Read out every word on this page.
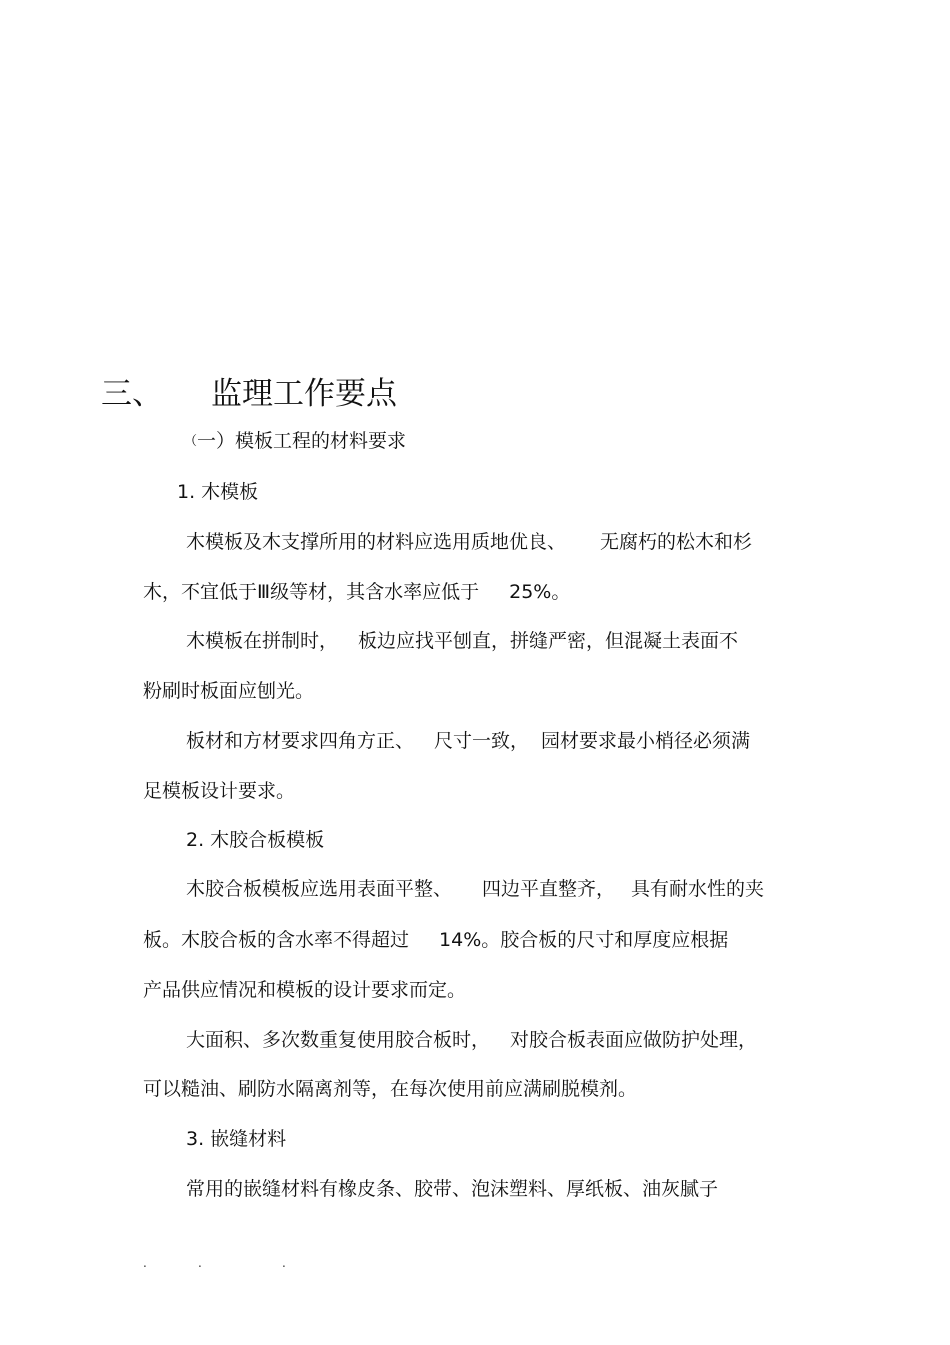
三、 监理工作要点
（一）模板工程的材料要求
1. 木模板
木模板及木支撑所用的材料应选用质地优良、 无腐朽的松木和杉
木，不宜低于Ⅲ级等材，其含水率应低于 25%。
木模板在拼制时， 板边应找平刨直，拼缝严密，但混凝土表面不
粉刷时板面应刨光。
板材和方材要求四角方正、 尺寸一致， 园材要求最小梢径必须满
足模板设计要求。
2. 木胶合板模板
木胶合板模板应选用表面平整、 四边平直整齐， 具有耐水性的夹
板。木胶合板的含水率不得超过 14%。胶合板的尺寸和厚度应根据
产品供应情况和模板的设计要求而定。
大面积、多次数重复使用胶合板时， 对胶合板表面应做防护处理，
可以糙油、刷防水隔离剂等，在每次使用前应满刷脱模剂。
3. 嵌缝材料
常用的嵌缝材料有橡皮条、胶带、泡沫塑料、厚纸板、油灰腻子
.	.	.
